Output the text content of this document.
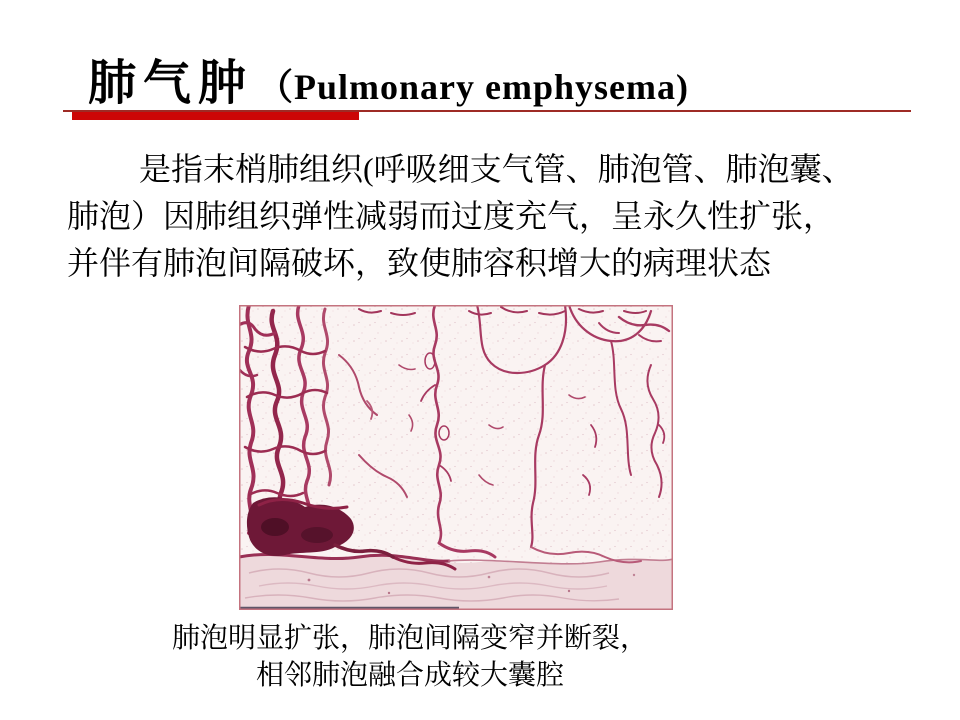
肺气肿 （Pulmonary emphysema)
是指末梢肺组织(呼吸细支气管、肺泡管、肺泡囊、
肺泡）因肺组织弹性减弱而过度充气，呈永久性扩张，
并伴有肺泡间隔破坏，致使肺容积增大的病理状态
肺泡明显扩张，肺泡间隔变窄并断裂，
相邻肺泡融合成较大囊腔
